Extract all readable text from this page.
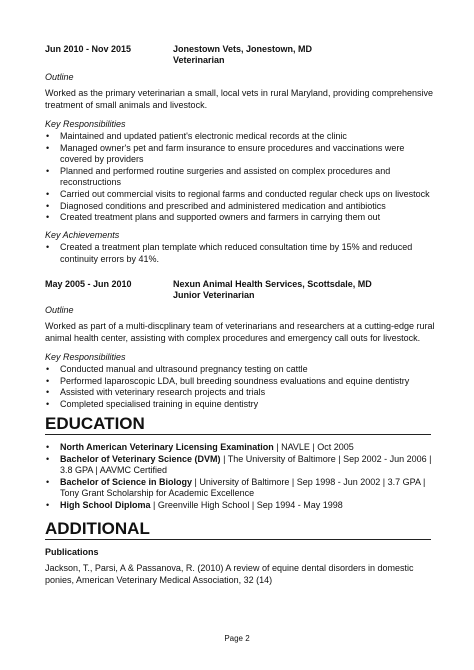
Jun 2010 - Nov 2015	Jonestown Vets, Jonestown, MD
Veterinarian
Outline
Worked as the primary veterinarian a small, local vets in rural Maryland, providing comprehensive treatment of small animals and livestock.
Key Responsibilities
• Maintained and updated patient's electronic medical records at the clinic
• Managed owner's pet and farm insurance to ensure procedures and vaccinations were covered by providers
• Planned and performed routine surgeries and assisted on complex procedures and reconstructions
• Carried out commercial visits to regional farms and conducted regular check ups on livestock
• Diagnosed conditions and prescribed and administered medication and antibiotics
• Created treatment plans and supported owners and farmers in carrying them out
Key Achievements
• Created a treatment plan template which reduced consultation time by 15% and reduced continuity errors by 41%.
May 2005 - Jun 2010	Nexun Animal Health Services, Scottsdale, MD
Junior Veterinarian
Outline
Worked as part of a multi-discplinary team of veterinarians and researchers at a cutting-edge rural animal health center, assisting with complex procedures and emergency call outs for livestock.
Key Responsibilities
• Conducted manual and ultrasound pregnancy testing on cattle
• Performed laparoscopic LDA, bull breeding soundness evaluations and equine dentistry
• Assisted with veterinary research projects and trials
• Completed specialised training in equine dentistry
EDUCATION
• North American Veterinary Licensing Examination | NAVLE | Oct 2005
• Bachelor of Veterinary Science (DVM) | The University of Baltimore | Sep 2002 - Jun 2006 | 3.8 GPA | AAVMC Certified
• Bachelor of Science in Biology | University of Baltimore | Sep 1998 - Jun 2002 | 3.7 GPA | Tony Grant Scholarship for Academic Excellence
• High School Diploma | Greenville High School | Sep 1994 - May 1998
ADDITIONAL
Publications
Jackson, T., Parsi, A & Passanova, R. (2010) A review of equine dental disorders in domestic ponies, American Veterinary Medical Association, 32 (14)
Page 2
